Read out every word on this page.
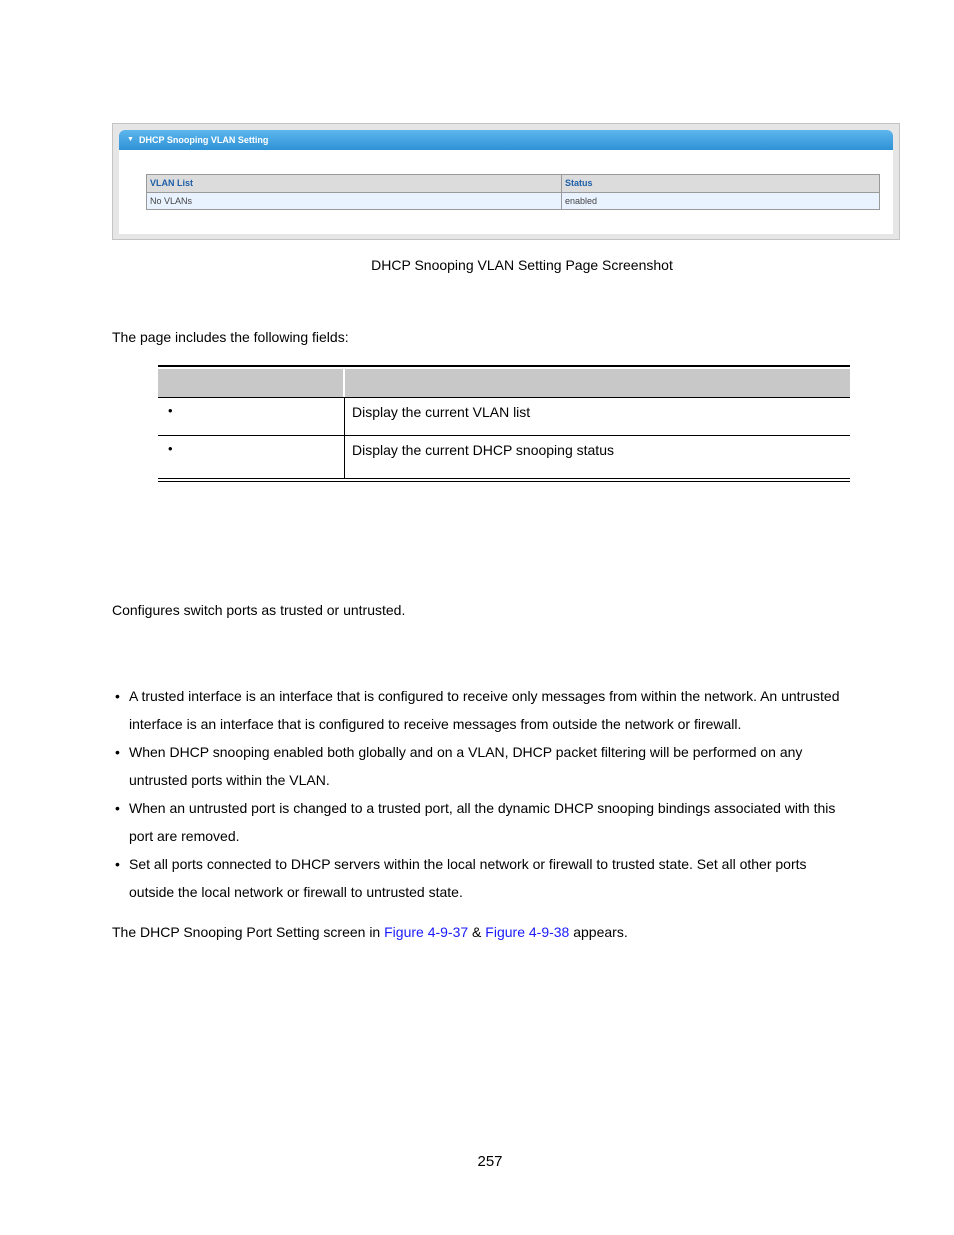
▼ DHCP Snooping VLAN Setting
VLAN List	Status
No VLANs	enabled
DHCP Snooping VLAN Setting Page Screenshot
The page includes the following fields:
•	Display the current VLAN list
•	Display the current DHCP snooping status
Configures switch ports as trusted or untrusted.
• A trusted interface is an interface that is configured to receive only messages from within the network. An untrusted interface is an interface that is configured to receive messages from outside the network or firewall.
• When DHCP snooping enabled both globally and on a VLAN, DHCP packet filtering will be performed on any untrusted ports within the VLAN.
• When an untrusted port is changed to a trusted port, all the dynamic DHCP snooping bindings associated with this port are removed.
• Set all ports connected to DHCP servers within the local network or firewall to trusted state. Set all other ports outside the local network or firewall to untrusted state.
The DHCP Snooping Port Setting screen in Figure 4-9-37 & Figure 4-9-38 appears.
257
